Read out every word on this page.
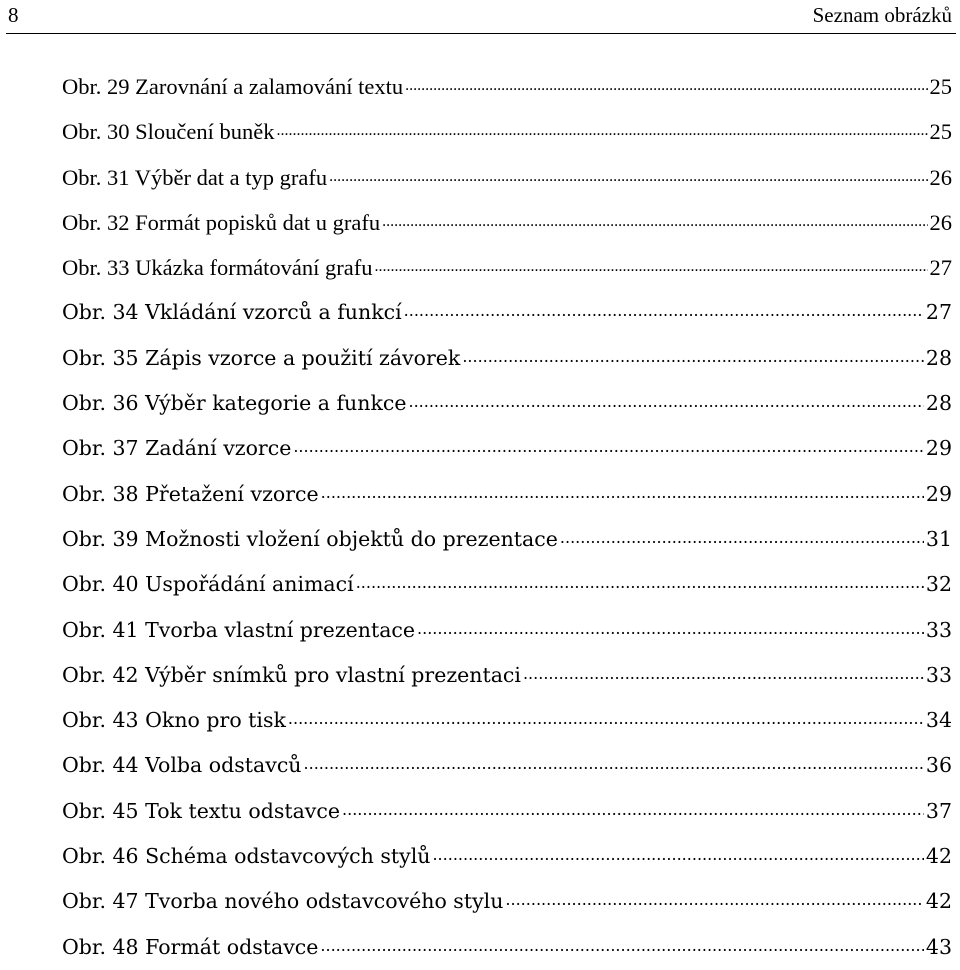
8	Seznam obrázků
Obr. 29 Zarovnání a zalamování textu .....	25
Obr. 30 Sloučení buněk .....	25
Obr. 31 Výběr dat a typ grafu .....	26
Obr. 32 Formát popisků dat u grafu .....	26
Obr. 33 Ukázka formátování grafu .....	27
Obr. 34 Vkládání vzorců a funkcí .....	27
Obr. 35 Zápis vzorce a použití závorek .....	28
Obr. 36 Výběr kategorie a funkce .....	28
Obr. 37 Zadání vzorce .....	29
Obr. 38 Přetažení vzorce .....	29
Obr. 39 Možnosti vložení objektů do prezentace .....	31
Obr. 40 Uspořádání animací .....	32
Obr. 41 Tvorba vlastní prezentace .....	33
Obr. 42 Výběr snímků pro vlastní prezentaci .....	33
Obr. 43 Okno pro tisk .....	34
Obr. 44 Volba odstavců .....	36
Obr. 45 Tok textu odstavce .....	37
Obr. 46 Schéma odstavcových stylů .....	42
Obr. 47 Tvorba nového odstavcového stylu .....	42
Obr. 48 Formát odstavce .....	43
